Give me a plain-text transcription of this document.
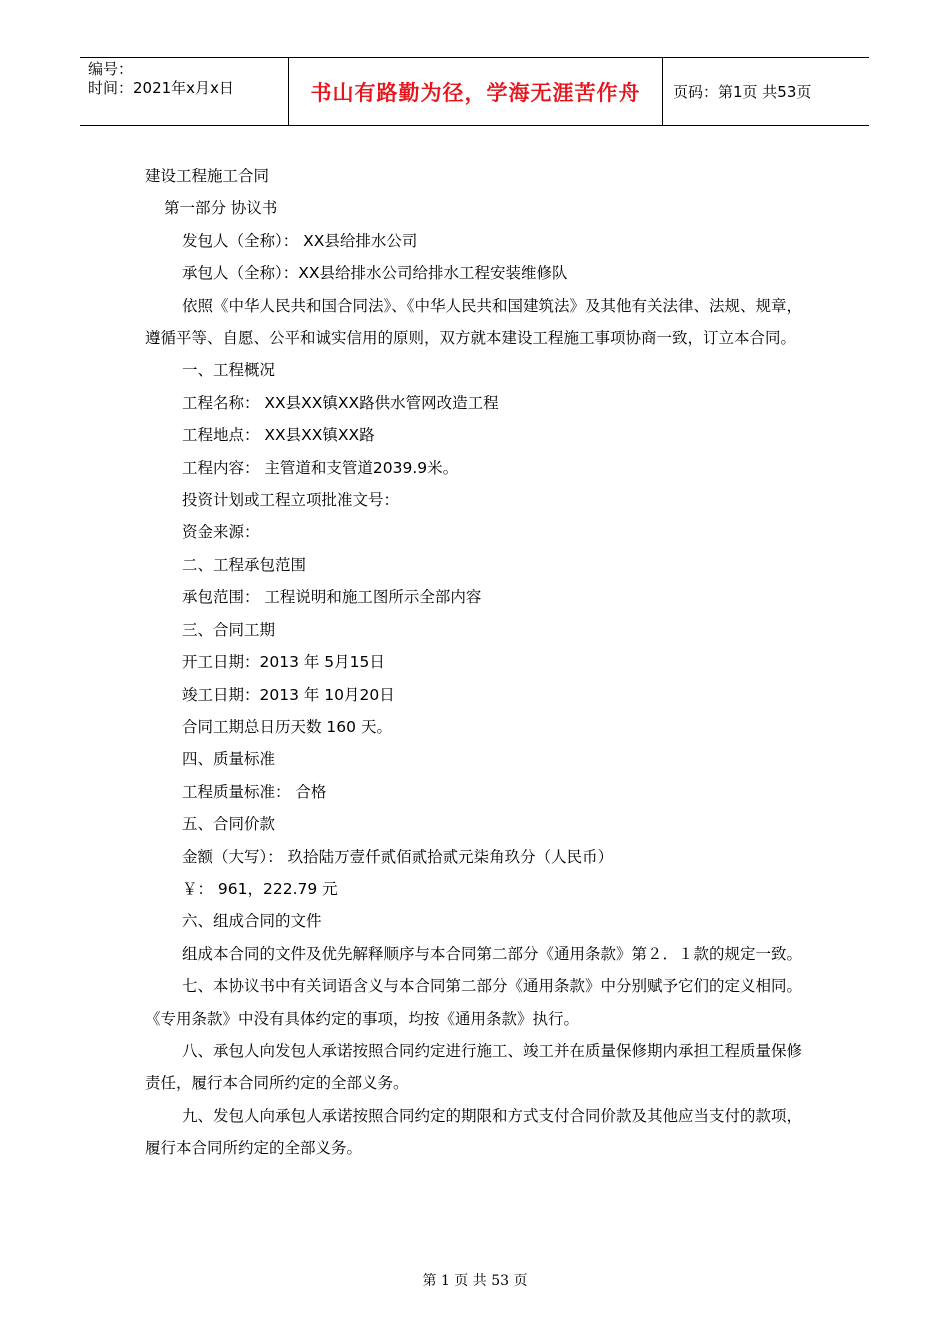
编号：
时间：2021年x月x日	书山有路勤为径，学海无涯苦作舟	页码：第1页 共53页

建设工程施工合同

第一部分 协议书

发包人（全称）： XX县给排水公司

承包人（全称）：XX县给排水公司给排水工程安装维修队

依照《中华人民共和国合同法》、《中华人民共和国建筑法》及其他有关法律、法规、规章，遵循平等、自愿、公平和诚实信用的原则，双方就本建设工程施工事项协商一致，订立本合同。

一、工程概况

工程名称： XX县XX镇XX路供水管网改造工程

工程地点： XX县XX镇XX路

工程内容： 主管道和支管道2039.9米。

投资计划或工程立项批准文号：

资金来源：

二、工程承包范围

承包范围： 工程说明和施工图所示全部内容

三、合同工期

开工日期：2013 年 5月15日

竣工日期：2013 年 10月20日

合同工期总日历天数 160 天。

四、质量标准

工程质量标准： 合格

五、合同价款

金额（大写）： 玖拾陆万壹仟贰佰贰拾贰元柒角玖分（人民币）

￥： 961，222.79 元

六、组成合同的文件

组成本合同的文件及优先解释顺序与本合同第二部分《通用条款》第２．１款的规定一致。

七、本协议书中有关词语含义与本合同第二部分《通用条款》中分别赋予它们的定义相同。《专用条款》中没有具体约定的事项，均按《通用条款》执行。

八、承包人向发包人承诺按照合同约定进行施工、竣工并在质量保修期内承担工程质量保修责任，履行本合同所约定的全部义务。

九、发包人向承包人承诺按照合同约定的期限和方式支付合同价款及其他应当支付的款项，履行本合同所约定的全部义务。

第 1 页 共 53 页
